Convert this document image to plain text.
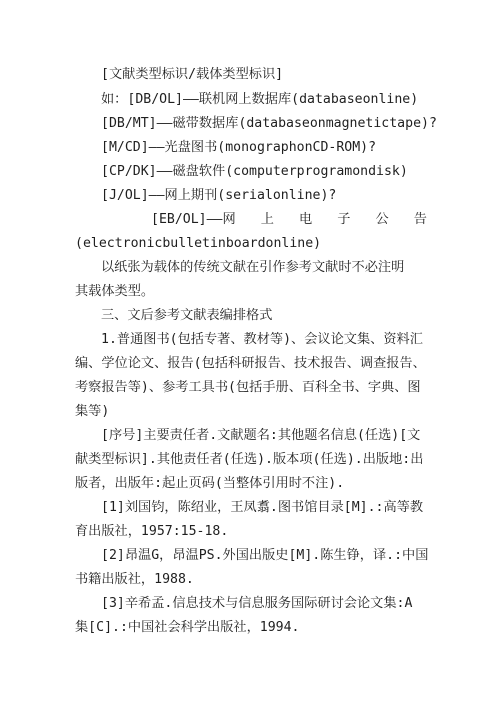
[文献类型标识/载体类型标识]
如：[DB/OL]——联机网上数据库(databaseonline)
[DB/MT]——磁带数据库(databaseonmagnetictape)?
[M/CD]——光盘图书(monographonCD-ROM)?
[CP/DK]——磁盘软件(computerprogramondisk)
[J/OL]——网上期刊(serialonline)?
[EB/OL]——网 上 电 子 公 告
(electronicbulletinboardonline)
以纸张为载体的传统文献在引作参考文献时不必注明
其载体类型。
三、文后参考文献表编排格式
1.普通图书(包括专著、教材等)、会议论文集、资料汇
编、学位论文、报告(包括科研报告、技术报告、调查报告、
考察报告等)、参考工具书(包括手册、百科全书、字典、图
集等)
[序号]主要责任者.文献题名:其他题名信息(任选)[文
献类型标识].其他责任者(任选).版本项(任选).出版地:出
版者，出版年:起止页码(当整体引用时不注).
[1]刘国钧，陈绍业，王凤翥.图书馆目录[M].:高等教
育出版社，1957:15-18.
[2]昂温G，昂温PS.外国出版史[M].陈生铮，译.:中国
书籍出版社，1988.
[3]辛希孟.信息技术与信息服务国际研讨会论文集:A
集[C].:中国社会科学出版社，1994.
